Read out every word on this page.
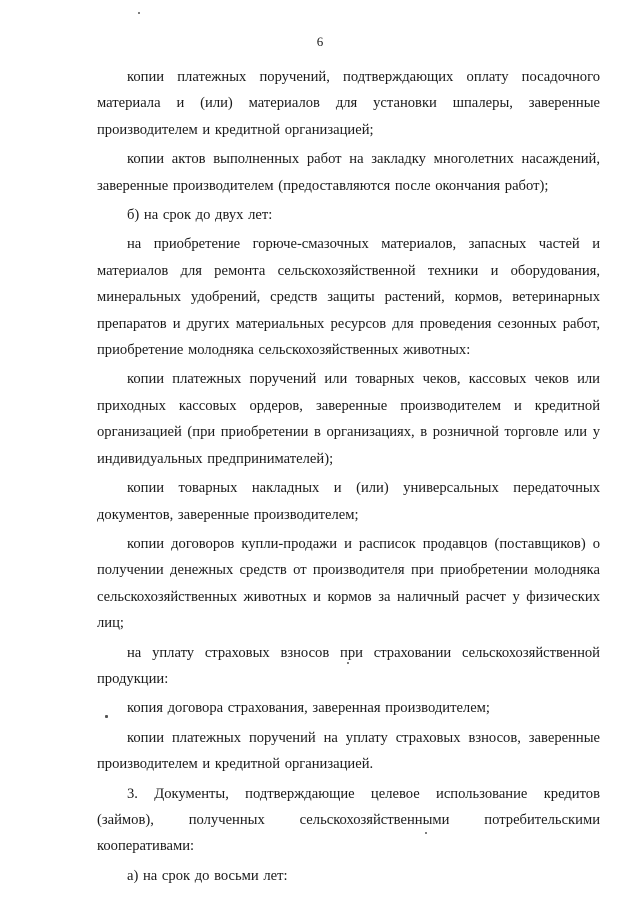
6

копии платежных поручений, подтверждающих оплату посадочного материала и (или) материалов для установки шпалеры, заверенные производителем и кредитной организацией;

копии актов выполненных работ на закладку многолетних насаждений, заверенные производителем (предоставляются после окончания работ);

б) на срок до двух лет:

на приобретение горюче-смазочных материалов, запасных частей и материалов для ремонта сельскохозяйственной техники и оборудования, минеральных удобрений, средств защиты растений, кормов, ветеринарных препаратов и других материальных ресурсов для проведения сезонных работ, приобретение молодняка сельскохозяйственных животных:

копии платежных поручений или товарных чеков, кассовых чеков или приходных кассовых ордеров, заверенные производителем и кредитной организацией (при приобретении в организациях, в розничной торговле или у индивидуальных предпринимателей);

копии товарных накладных и (или) универсальных передаточных документов, заверенные производителем;

копии договоров купли-продажи и расписок продавцов (поставщиков) о получении денежных средств от производителя при приобретении молодняка сельскохозяйственных животных и кормов за наличный расчет у физических лиц;

на уплату страховых взносов при страховании сельскохозяйственной продукции:

копия договора страхования, заверенная производителем;

копии платежных поручений на уплату страховых взносов, заверенные производителем и кредитной организацией.

3. Документы, подтверждающие целевое использование кредитов (займов), полученных сельскохозяйственными потребительскими кооперативами:

а) на срок до восьми лет:
